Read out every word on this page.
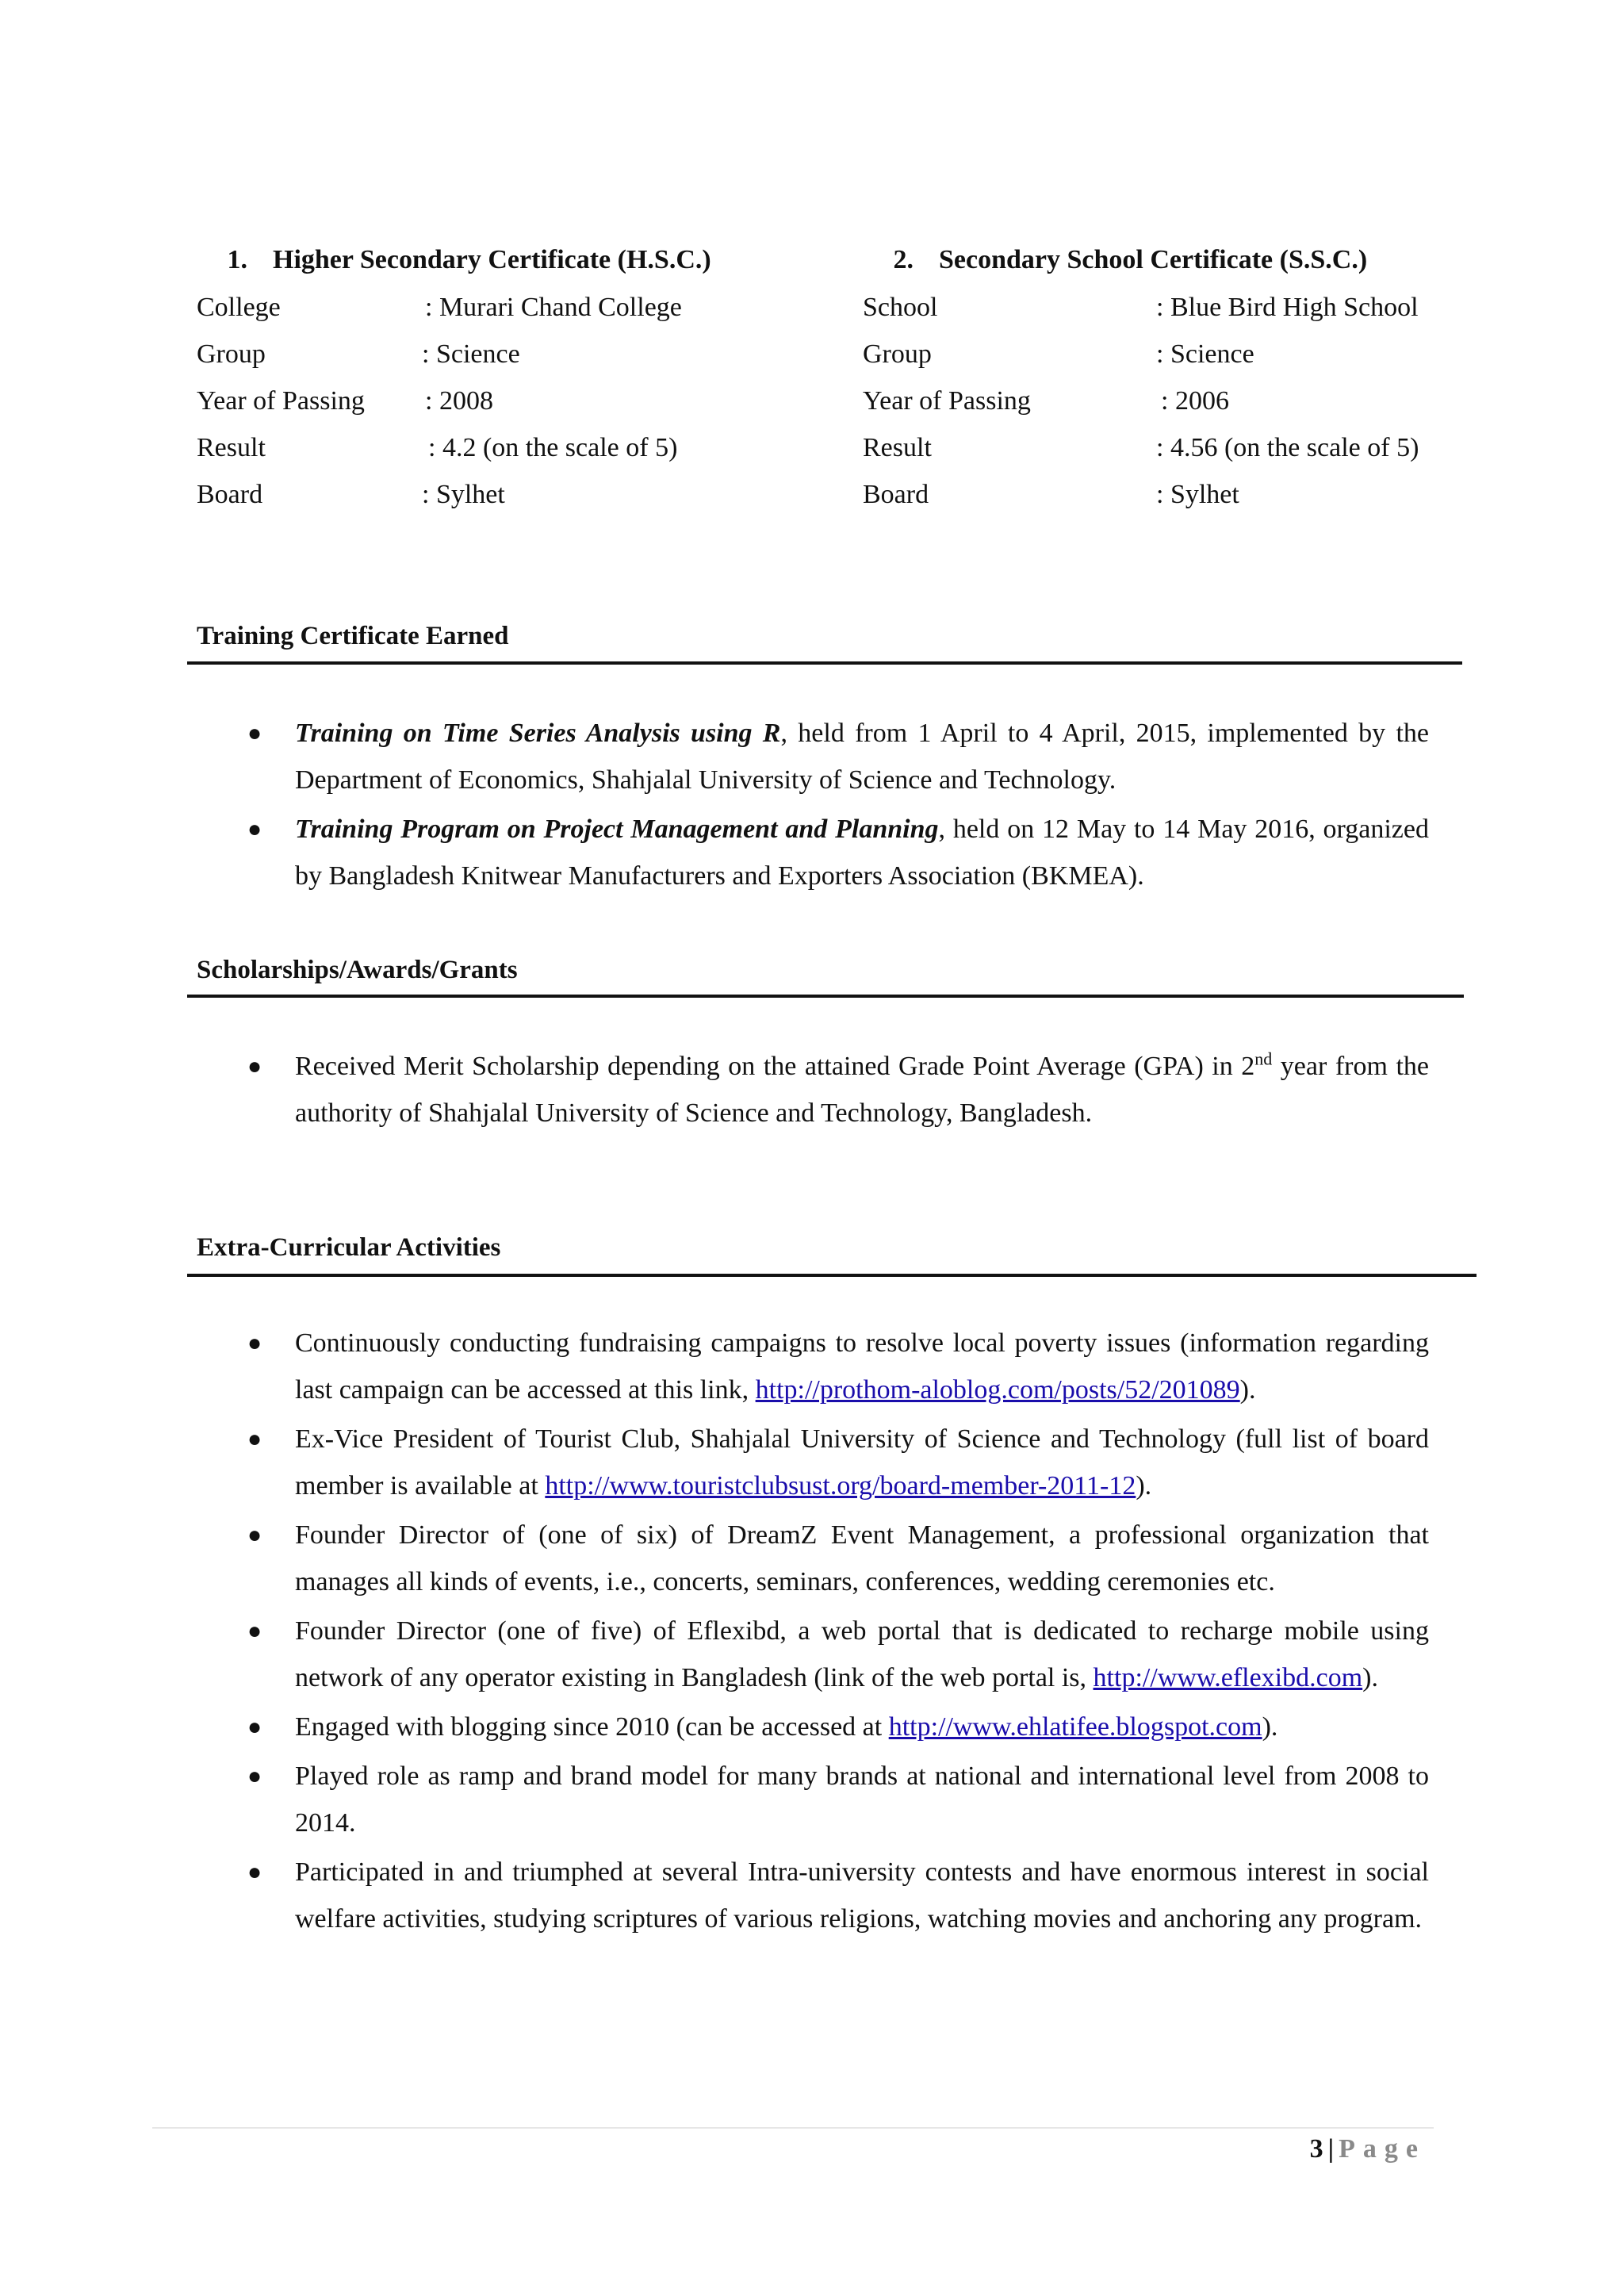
1. Higher Secondary Certificate (H.S.C.)
College	: Murari Chand College
Group	: Science
Year of Passing	: 2008
Result	: 4.2 (on the scale of 5)
Board	: Sylhet
2. Secondary School Certificate (S.S.C.)
School	: Blue Bird High School
Group	: Science
Year of Passing	: 2006
Result	: 4.56 (on the scale of 5)
Board	: Sylhet
Training Certificate Earned
● Training on Time Series Analysis using R, held from 1 April to 4 April, 2015, implemented by the Department of Economics, Shahjalal University of Science and Technology.
● Training Program on Project Management and Planning, held on 12 May to 14 May 2016, organized by Bangladesh Knitwear Manufacturers and Exporters Association (BKMEA).
Scholarships/Awards/Grants
● Received Merit Scholarship depending on the attained Grade Point Average (GPA) in 2nd year from the authority of Shahjalal University of Science and Technology, Bangladesh.
Extra-Curricular Activities
● Continuously conducting fundraising campaigns to resolve local poverty issues (information regarding last campaign can be accessed at this link, http://prothom-aloblog.com/posts/52/201089).
● Ex-Vice President of Tourist Club, Shahjalal University of Science and Technology (full list of board member is available at http://www.touristclubsust.org/board-member-2011-12).
● Founder Director of (one of six) of DreamZ Event Management, a professional organization that manages all kinds of events, i.e., concerts, seminars, conferences, wedding ceremonies etc.
● Founder Director (one of five) of Eflexibd, a web portal that is dedicated to recharge mobile using network of any operator existing in Bangladesh (link of the web portal is, http://www.eflexibd.com).
● Engaged with blogging since 2010 (can be accessed at http://www.ehlatifee.blogspot.com).
● Played role as ramp and brand model for many brands at national and international level from 2008 to 2014.
● Participated in and triumphed at several Intra-university contests and have enormous interest in social welfare activities, studying scriptures of various religions, watching movies and anchoring any program.
3 | Page
